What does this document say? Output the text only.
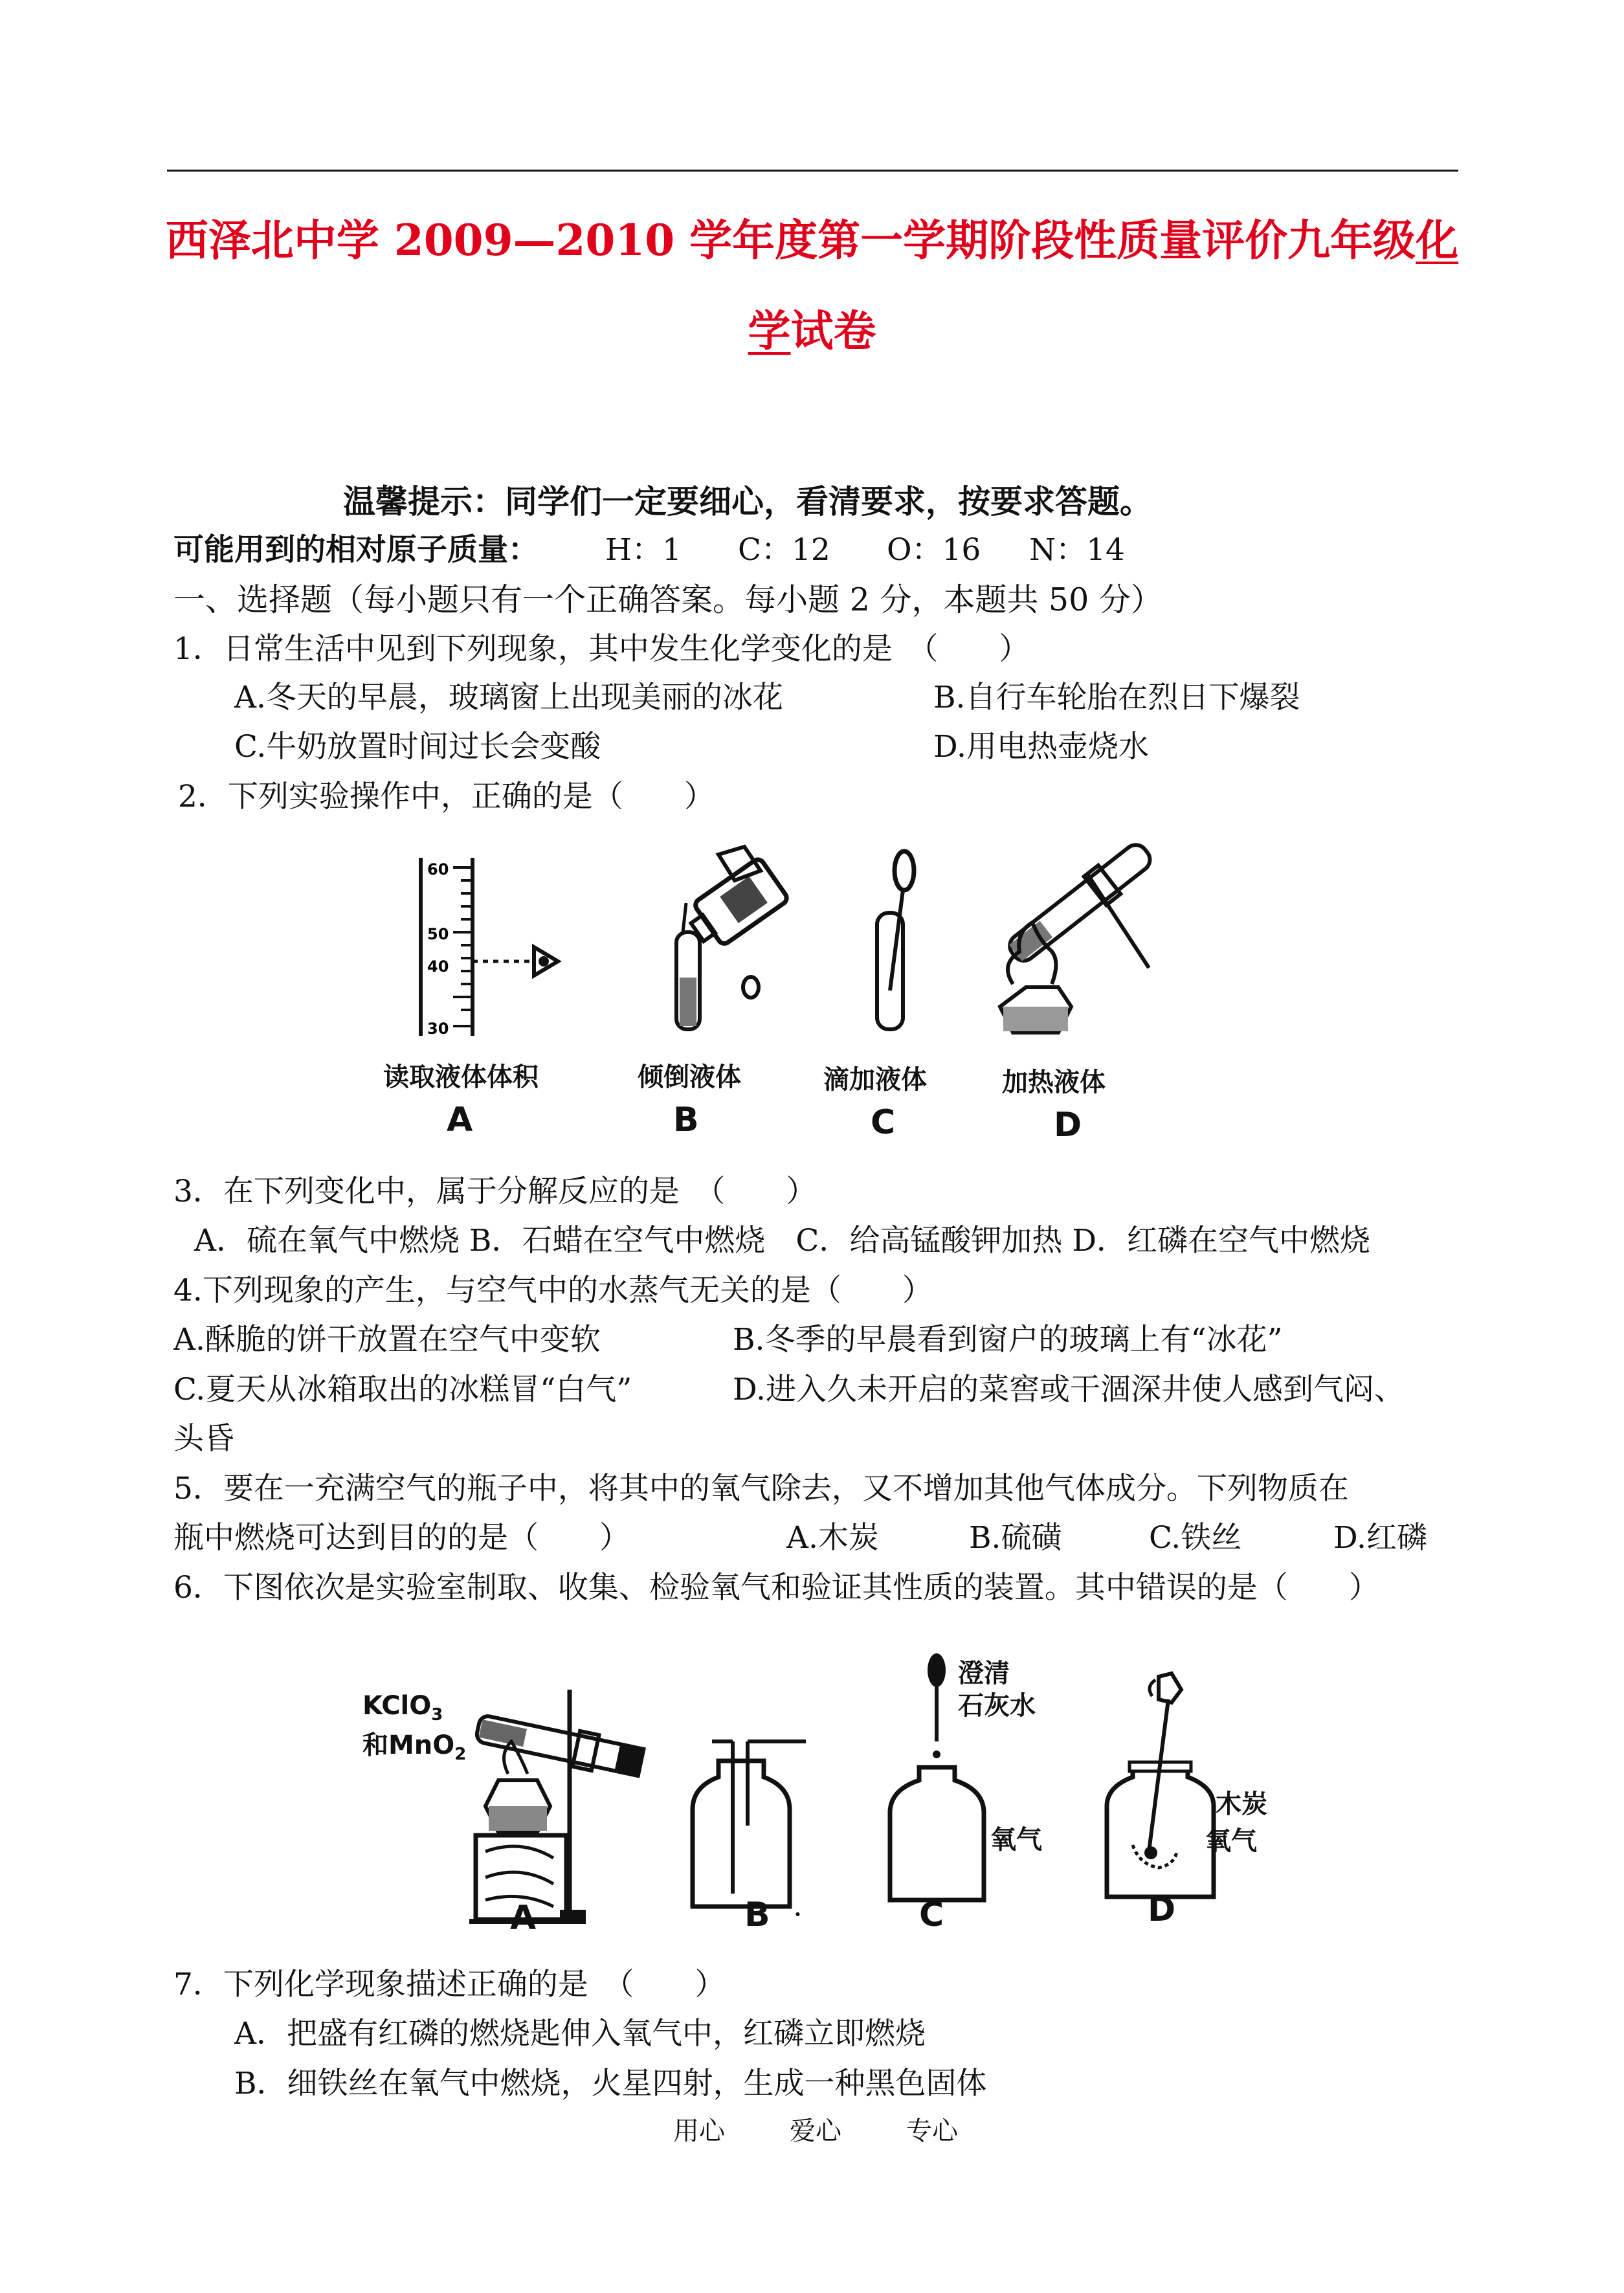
西泽北中学 2009—2010 学年度第一学期阶段性质量评价九年级化
学试卷
温馨提示：同学们一定要细心，看清要求，按要求答题。
可能用到的相对原子质量： H：1 C：12 O：16 N：14
一、选择题（每小题只有一个正确答案。每小题 2 分，本题共 50 分）
1．日常生活中见到下列现象，其中发生化学变化的是　（　　）
A.冬天的早晨，玻璃窗上出现美丽的冰花	B.自行车轮胎在烈日下爆裂
C.牛奶放置时间过长会变酸	D.用电热壶烧水
2．下列实验操作中，正确的是（　　）
60
50
40
30
读取液体体积	倾倒液体	滴加液体	加热液体
A	B	C	D
3．在下列变化中，属于分解反应的是　（　　）
A．硫在氧气中燃烧 B．石蜡在空气中燃烧　C．给高锰酸钾加热 D．红磷在空气中燃烧
4.下列现象的产生，与空气中的水蒸气无关的是（　　）
A.酥脆的饼干放置在空气中变软	B.冬季的早晨看到窗户的玻璃上有“冰花”
C.夏天从冰箱取出的冰糕冒“白气”	D.进入久未开启的菜窖或干涸深井使人感到气闷、
头昏
5．要在一充满空气的瓶子中，将其中的氧气除去，又不增加其他气体成分。下列物质在
瓶中燃烧可达到目的的是（　　）	A.木炭	B.硫磺	C.铁丝	D.红磷
6．下图依次是实验室制取、收集、检验氧气和验证其性质的装置。其中错误的是（　　）
KClO$_3$
和MnO$_2$
澄清
石灰水
氧气
木炭
氧气
A	B ·	C	D
7．下列化学现象描述正确的是　（　　）
A．把盛有红磷的燃烧匙伸入氧气中，红磷立即燃烧
B．细铁丝在氧气中燃烧，火星四射，生成一种黑色固体
用心	爱心	专心
